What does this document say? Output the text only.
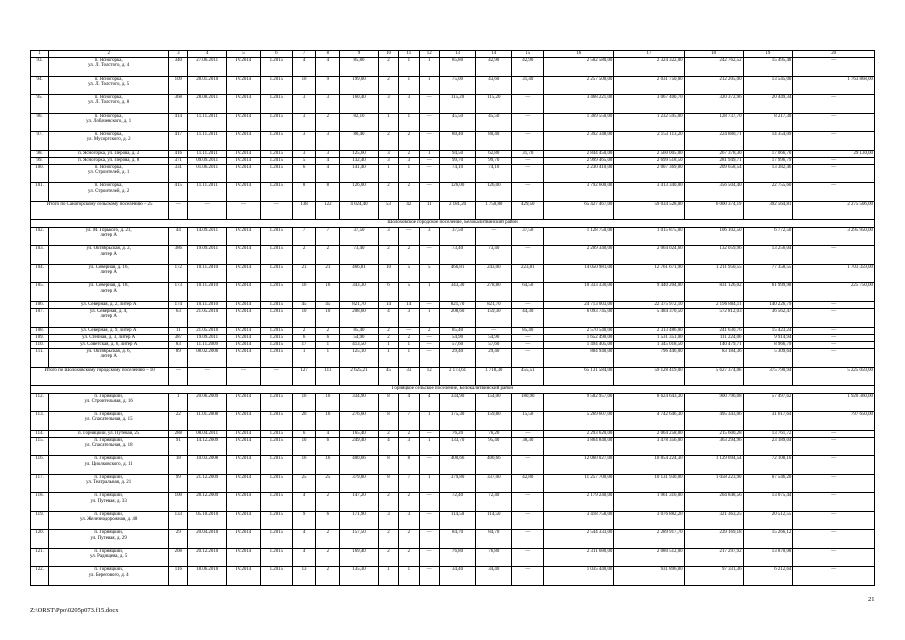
1	2	3	4	5	6	7	8	9	10	11	12	13	14	15	16	17	18	19	20
93.	п. Ясногорка,
ул. Л. Толстого, д. 4	340	27.06.2011	IV.2014	1.2015	4	4	85,80	2	1	1	85,80	42,90	42,90	2 582 580,00	2 324 322,00	242 762,52	15 495,48	—
94.	п. Ясногорка,
ул. Л. Толстого, д. 5	109	28.01.2010	IV.2014	1.2015	10	9	199,00	2	1	1	75,00	43,60	31,40	2 257 500,00	2 031 750,00	212 205,00	13 545,00	1 763 868,00
95.	п. Ясногорка,
ул. Л. Толстого, д. 8	368	28.08.2011	IV.2014	1.2015	3	3	160,40	3	3	—	115,20	115,20	—	3 468 221,00	3 067 400,70	320 372,96	20 449,34	—
96.	п. Ясногорка,
ул. Лобачевского, д. 1	414	11.11.2011	IV.2014	1.2015	3	2	82,10	1	1	—	45,50	45,50	—	1 369 550,00	1 232 595,00	128 737,70	8 217,30	—
97.	п. Ясногорка,
ул. Мусоргского, д. 2	417	11.11.2011	IV.2014	1.2015	3	3	80,40	2	2	—	80,40	80,40	—	2 392 348,00	2 153 113,20	224 880,71	14 354,09	—
98.	п. Ясногорка, ул. Перова, д. 2	416	11.11.2011	IV.2014	1.2015	3	3	125,60	3	2	1	94,50	62,80	31,70	2 844 450,00	2 560 005,00	267 378,30	17 066,70	29 130,00
99.	п. Ясногорка, ул. Перова, д. 8	371	09.09.2011	IV.2014	1.2015	5	4	132,40	3	3	—	99,70	99,70	—	2 999 465,00	2 699 518,50	281 949,71	17 996,79	—
100.	п. Ясногорка,
ул. Строителей, д. 1	331	01.06.2011	IV.2014	1.2015	6	4	141,40	1	1	—	74,10	74,10	—	2 230 410,00	2 007 369,00	209 658,54	13 382,46	—
101.	п. Ясногорка,
ул. Строителей, д. 2	415	11.11.2011	IV.2014	1.2015	8	8	126,00	2	2	—	126,00	126,00	—	3 792 600,00	3 413 340,00	356 504,40	22 755,60	—
Итого по Санаторскому сельскому поселению – 25		—	—	—	—	138	122	4 024,40	53	42	11	2 181,20	1 750,80	429,50	65 427 467,00	59 034 528,00	6 000 374,19	392 564,81	2 275 506,00
Шолоховское городское поселение, Белокалитвинский район																			
102.	ул. М. Горького, д. 21,
литер А	44	14.09.2011	IV.2014	1.2015	7	7	37,50	3	—	3	37,50	—	37,50	1 128 750,00	1 015 875,00	106 102,50	6 772,50	3 295 950,00
103.	ул. Октябрьская, д. 2,
литер А	386	19.09.2011	IV.2014	1.2015	2	2	73,40	2	2	—	73,40	73,40	—	2 209 340,00	2 064 024,60	132 059,96	13 256,04	—
104.	ул. Северная, д. 16,
литер А	172	10.11.2010	IV.2014	1.2015	21	21	466,81	10	5	5	466,81	243,00	223,81	14 050 981,00	12 761 671,90	1 211 950,55	77 358,55	1 703 359,00
105.	ул. Северная, д. 18,
литер А	173	10.11.2010	IV.2014	1.2015	16	16	343,30	6	5	1	343,30	278,80	64,50	10 333 330,00	9 440 204,00	831 126,02	61 999,98	225 750,00
106.	ул. Северная, д. 2, литер А	174	10.11.2010	IV.2014	1.2015	45	45	821,70	14	14	—	821,70	821,70	—	24 713 003,00	22 375 972,10	2 196 804,11	140 226,79	—
107.	ул. Северная, д. 4,
литер А	63	21.05.2010	IV.2014	1.2015	10	10	208,60	4	3	1	208,60	159,30	44,30	6 093 745,00	5 484 370,50	572 812,03	36 562,47	—
108.	ул. Северная, д. 9, литер А	11	21.05.2010	IV.2014	1.2015	2	2	85,40	2	—	2	85,40	—	85,40	2 570 540,00	2 313 486,00	241 630,76	15 423,24	—
109.	ул. Степная, д. 3, литер А	387	19.09.2011	IV.2014	1.2015	6	6	54,90	2	2	—	54,90	54,90	—	1 652 490,00	1 531 351,00	111 224,06	9 914,94	—
110.	ул. Советская, д. 6, литер А	83	11.11.2009	IV.2014	1.2015	17	1	413,50	1	1	—	57,60	57,60	—	1 494 405,00	1 345 018,50	140 479,71	8 966,79	—
111.	ул. Октябрьская, д. 6,
литер А	89	08.02.2006	IV.2014	1.2015	1	1	125,10	1	1	—	29,40	29,40	—	884 940,00	796 446,00	83 184,36	5 309,64	—
Итого по Шолоховскому городскому поселению – 10		—	—	—	—	127	111	2 625,21	45	33	12	2 173,61	1 718,30	455,51	65 131 584,00	59 128 419,00	5 627 374,06	375 790,94	5 225 059,00
Горняцкое сельское поселение, Белокалитвинский район																			
112.	п. Горняцкий,
ул. Строительная, д. 16	1	20.06.2009	IV.2014	1.2015	16	16	334,90	8	4	4	334,90	154,00	180,90	9 582 957,00	8 624 643,30	900 796,08	57 497,62	1 920 360,00
113.	п. Горняцкий,
ул. Спасательная, д. 15	22	11.01.2008	IV.2014	1.2015	20	16	276,60	8	7	1	175,30	159,80	15,50	5 269 607,00	4 742 646,30	495 343,06	31 617,64	797 650,00
114.	п. Горняцкий, ул. Путевая, 25	288	08.04.2011	IV.2014	1.2015	6	4	165,40	2	2	—	76,20	76,20	—	2 293 620,00	2 064 258,00	215 600,28	13 761,72	—
115.	п. Горняцкий,
ул. Спасательная, д. 18	91	14.12.2009	IV.2014	1.2015	10	6	249,40	4	3	1	133,70	95,40	38,30	3 864 840,00	3 478 356,00	363 294,96	23 189,04	—
116.	п. Горняцкий,
ул. Циолковского, д. 11	18	10.03.2008	IV.2014	1.2015	16	16	400,66	8	8	—	400,66	400,66	—	12 060 027,00	10 854 224,30	1 129 694,54	72 108,16	—
117.	п. Горняцкий,
ул. Театральная, д. 21	99	21.12.2009	IV.2014	1.2015	25	25	379,80	8	7	1	379,80	337,00	42,80	11 257 700,00	10 131 930,00	1 058 223,90	67 546,20	—
118.	п. Горняцкий,
ул. Путевая, д. 33	100	28.12.2009	IV.2014	1.2015	4	2	147,20	2	2	—	72,40	72,40	—	2 179 240,00	1 961 316,00	204 848,56	13 075,44	—
119.	п. Горняцкий,
ул. Железнодорожная, д. 48	133	05.10.2010	IV.2014	1.2015	9	6	171,90	3	3	—	114,50	114,50	—	3 418 758,00	3 076 882,20	321 363,25	20 512,55	—
120.	п. Горняцкий,
ул. Путевая, д. 29	29	20.04.2010	IV.2014	1.2015	4	2	157,50	2	2	—	84,70	84,70	—	2 544 333,00	2 289 917,70	239 169,18	15 266,12	—
121.	п. Горняцкий,
ул. Радищева, д. 5	208	20.12.2010	IV.2014	1.2015	4	2	169,40	2	2	—	76,80	76,80	—	2 311 680,00	2 080 512,00	217 297,92	13 870,08	—
122.	п. Горняцкий,
ул. Берегового, д. 4	116	18.06.2010	IV.2014	1.2015	13	2	135,30	1	1	—	34,40	34,40	—	1 035 440,00	931 896,00	97 331,36	6 212,64	—
21
Z:\ORST\Ppo\0205p073.f15.docx
